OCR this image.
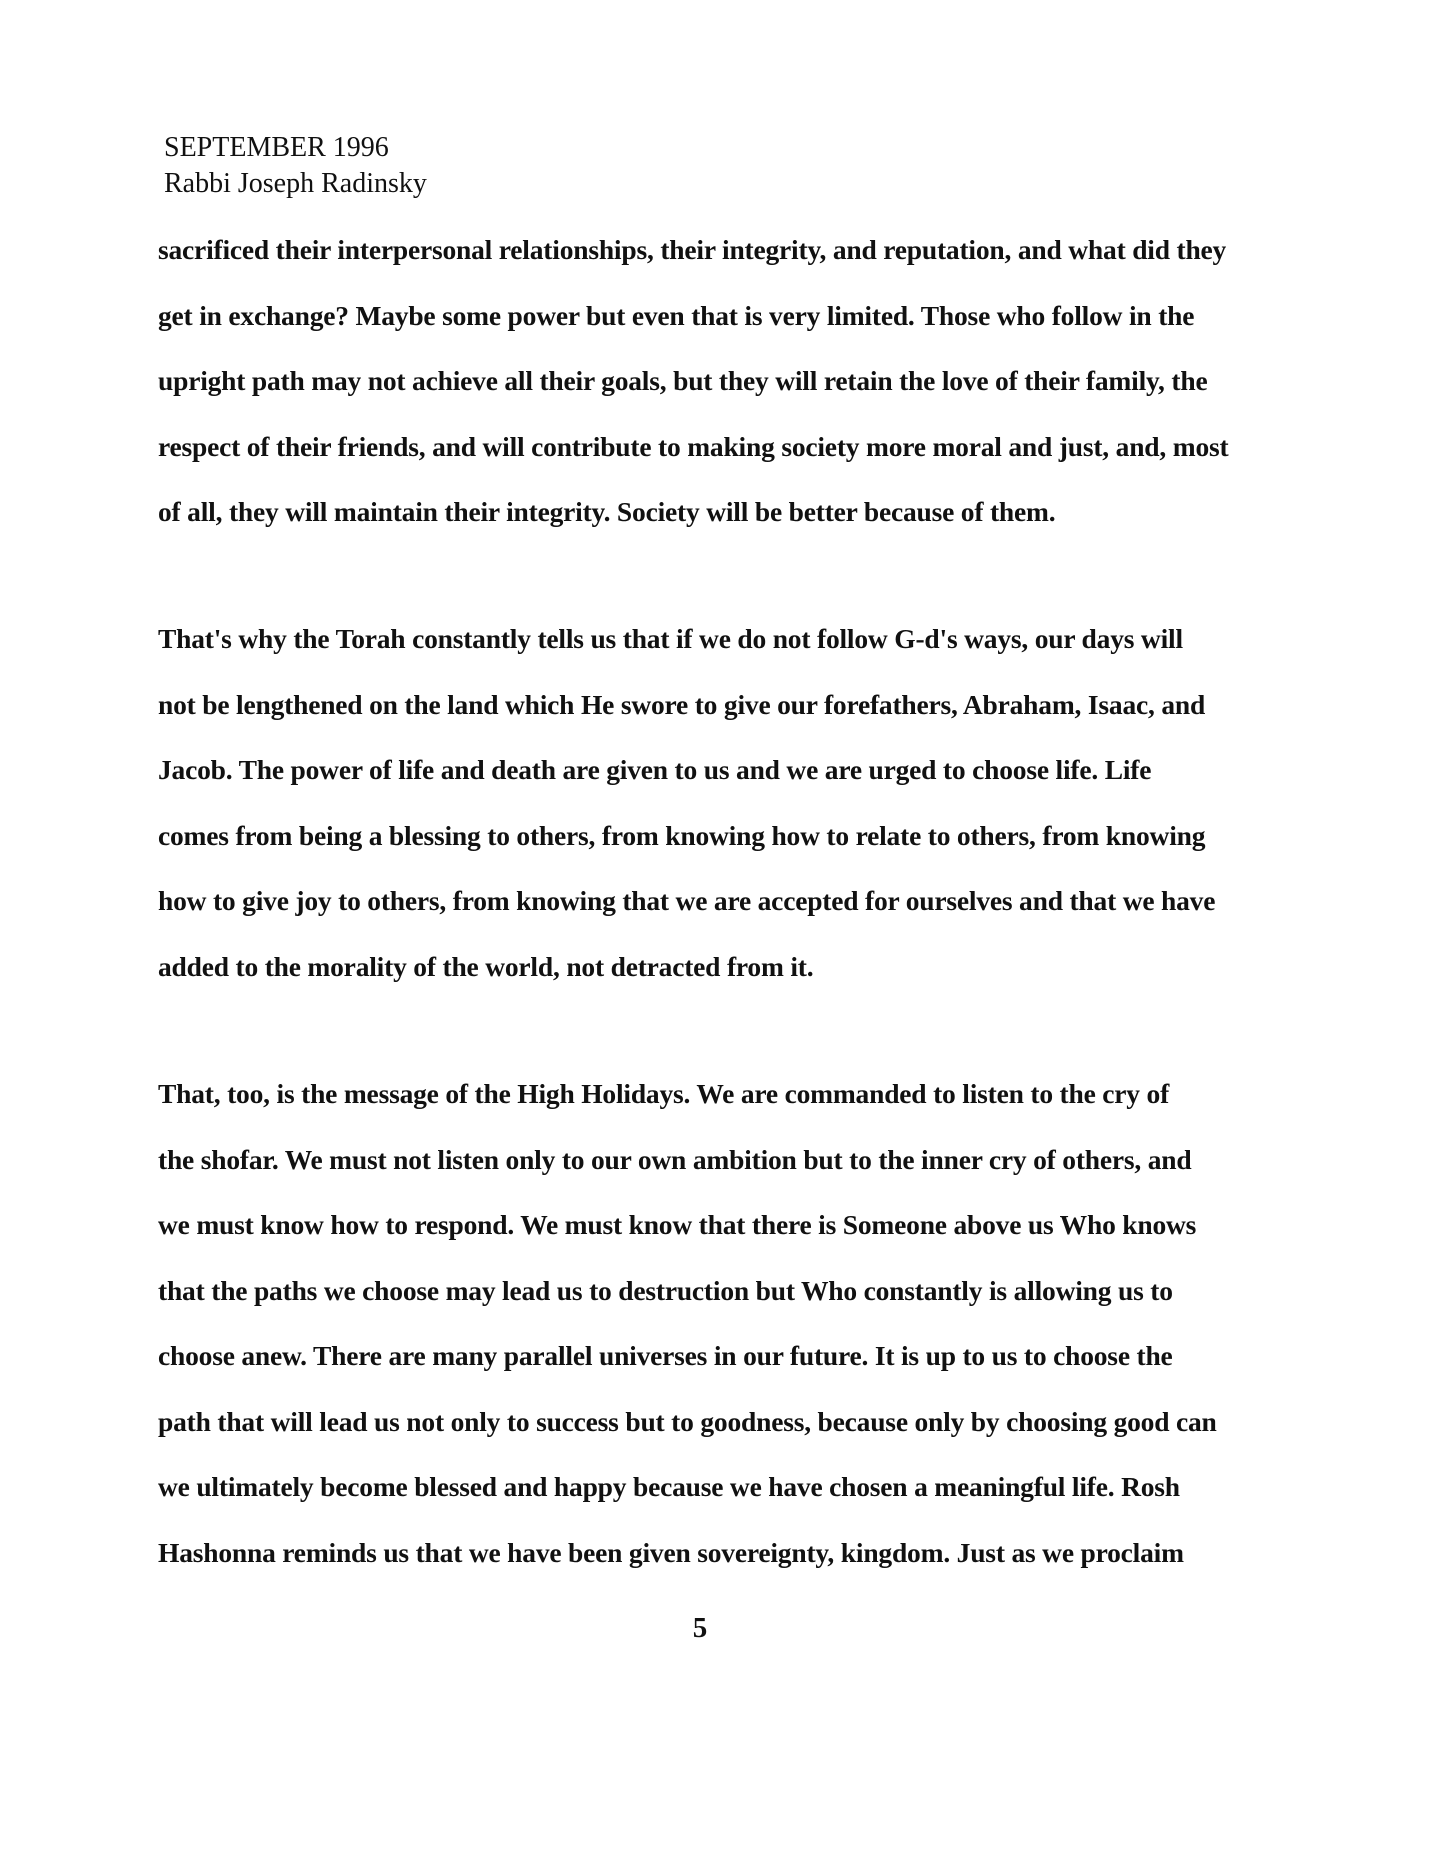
SEPTEMBER 1996
Rabbi Joseph Radinsky
sacrificed their interpersonal relationships, their integrity, and reputation, and what did they
get in exchange? Maybe some power but even that is very limited. Those who follow in the
upright path may not achieve all their goals, but they will retain the love of their family, the
respect of their friends, and will contribute to making society more moral and just, and, most
of all, they will maintain their integrity. Society will be better because of them.
That's why the Torah constantly tells us that if we do not follow G-d's ways, our days will
not be lengthened on the land which He swore to give our forefathers, Abraham, Isaac, and
Jacob. The power of life and death are given to us and we are urged to choose life. Life
comes from being a blessing to others, from knowing how to relate to others, from knowing
how to give joy to others, from knowing that we are accepted for ourselves and that we have
added to the morality of the world, not detracted from it.
That, too, is the message of the High Holidays. We are commanded to listen to the cry of
the shofar. We must not listen only to our own ambition but to the inner cry of others, and
we must know how to respond. We must know that there is Someone above us Who knows
that the paths we choose may lead us to destruction but Who constantly is allowing us to
choose anew. There are many parallel universes in our future. It is up to us to choose the
path that will lead us not only to success but to goodness, because only by choosing good can
we ultimately become blessed and happy because we have chosen a meaningful life. Rosh
Hashonna reminds us that we have been given sovereignty, kingdom. Just as we proclaim
5
